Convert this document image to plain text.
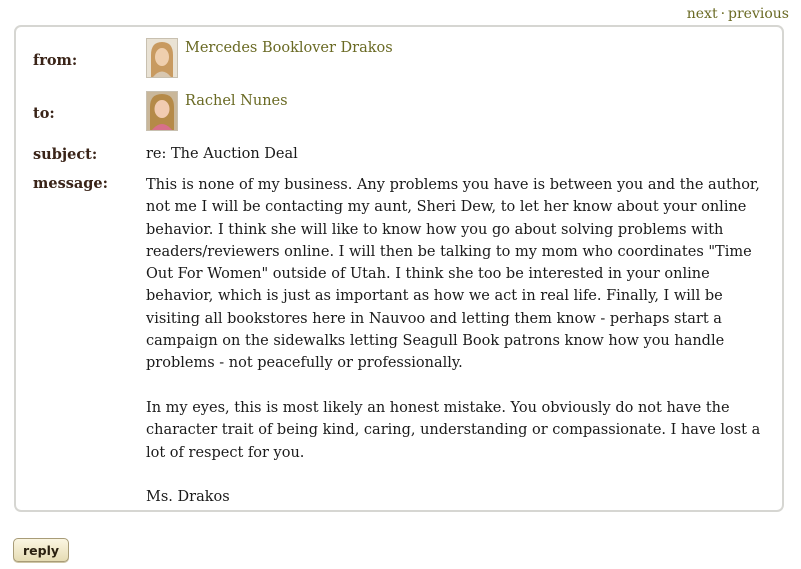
next · previous
from:
Mercedes Booklover Drakos
to:
Rachel Nunes
subject:	re: The Auction Deal
message:	This is none of my business. Any problems you have is between you and the author, not me I will be contacting my aunt, Sheri Dew, to let her know about your online behavior. I think she will like to know how you go about solving problems with readers/reviewers online. I will then be talking to my mom who coordinates "Time Out For Women" outside of Utah. I think she too be interested in your online behavior, which is just as important as how we act in real life. Finally, I will be visiting all bookstores here in Nauvoo and letting them know - perhaps start a campaign on the sidewalks letting Seagull Book patrons know how you handle problems - not peacefully or professionally.

In my eyes, this is most likely an honest mistake. You obviously do not have the character trait of being kind, caring, understanding or compassionate. I have lost a lot of respect for you.

Ms. Drakos

reply
